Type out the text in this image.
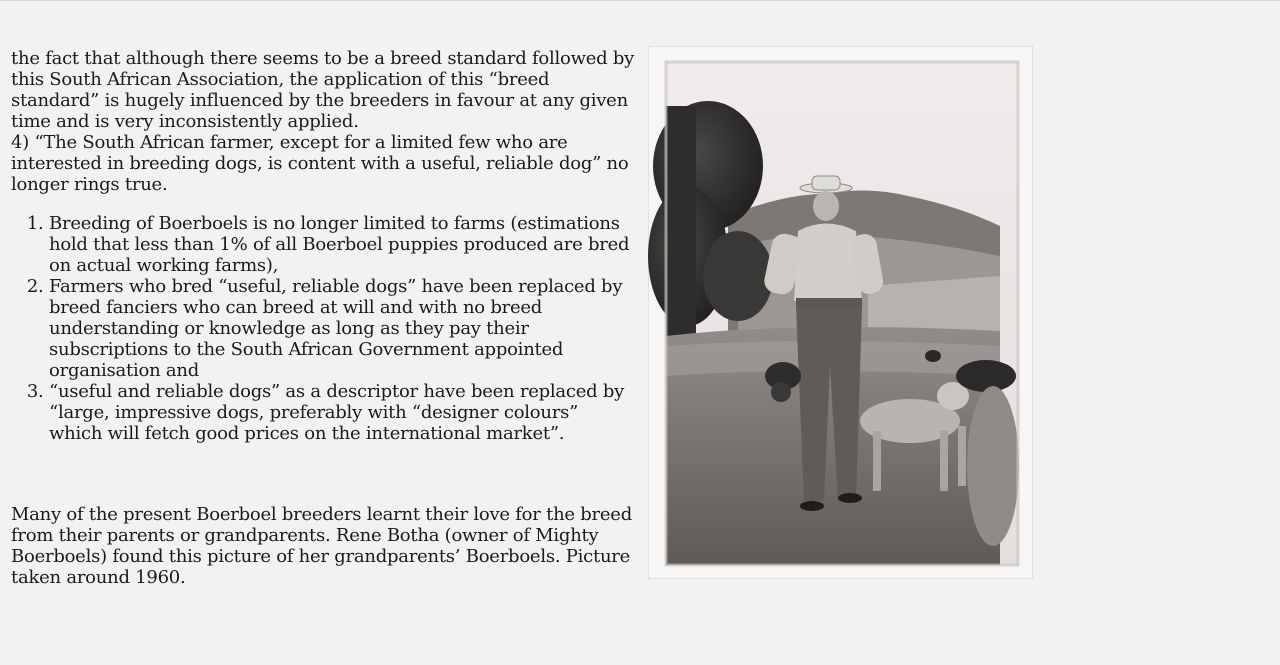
the fact that although there seems to be a breed standard followed by this South African Association, the application of this “breed standard” is hugely influenced by the breeders in favour at any given time and is very inconsistently applied.

4) “The South African farmer, except for a limited few who are interested in breeding dogs, is content with a useful, reliable dog” no longer rings true.

1. Breeding of Boerboels is no longer limited to farms (estimations hold that less than 1% of all Boerboel puppies produced are bred on actual working farms),
2. Farmers who bred “useful, reliable dogs” have been replaced by breed fanciers who can breed at will and with no breed understanding or knowledge as long as they pay their subscriptions to the South African Government appointed organisation and
3. “useful and reliable dogs” as a descriptor have been replaced by “large, impressive dogs, preferably with “designer colours” which will fetch good prices on the international market”.

Many of the present Boerboel breeders learnt their love for the breed from their parents or grandparents. Rene Botha (owner of Mighty Boerboels) found this picture of her grandparents’ Boerboels. Picture taken around 1960.
